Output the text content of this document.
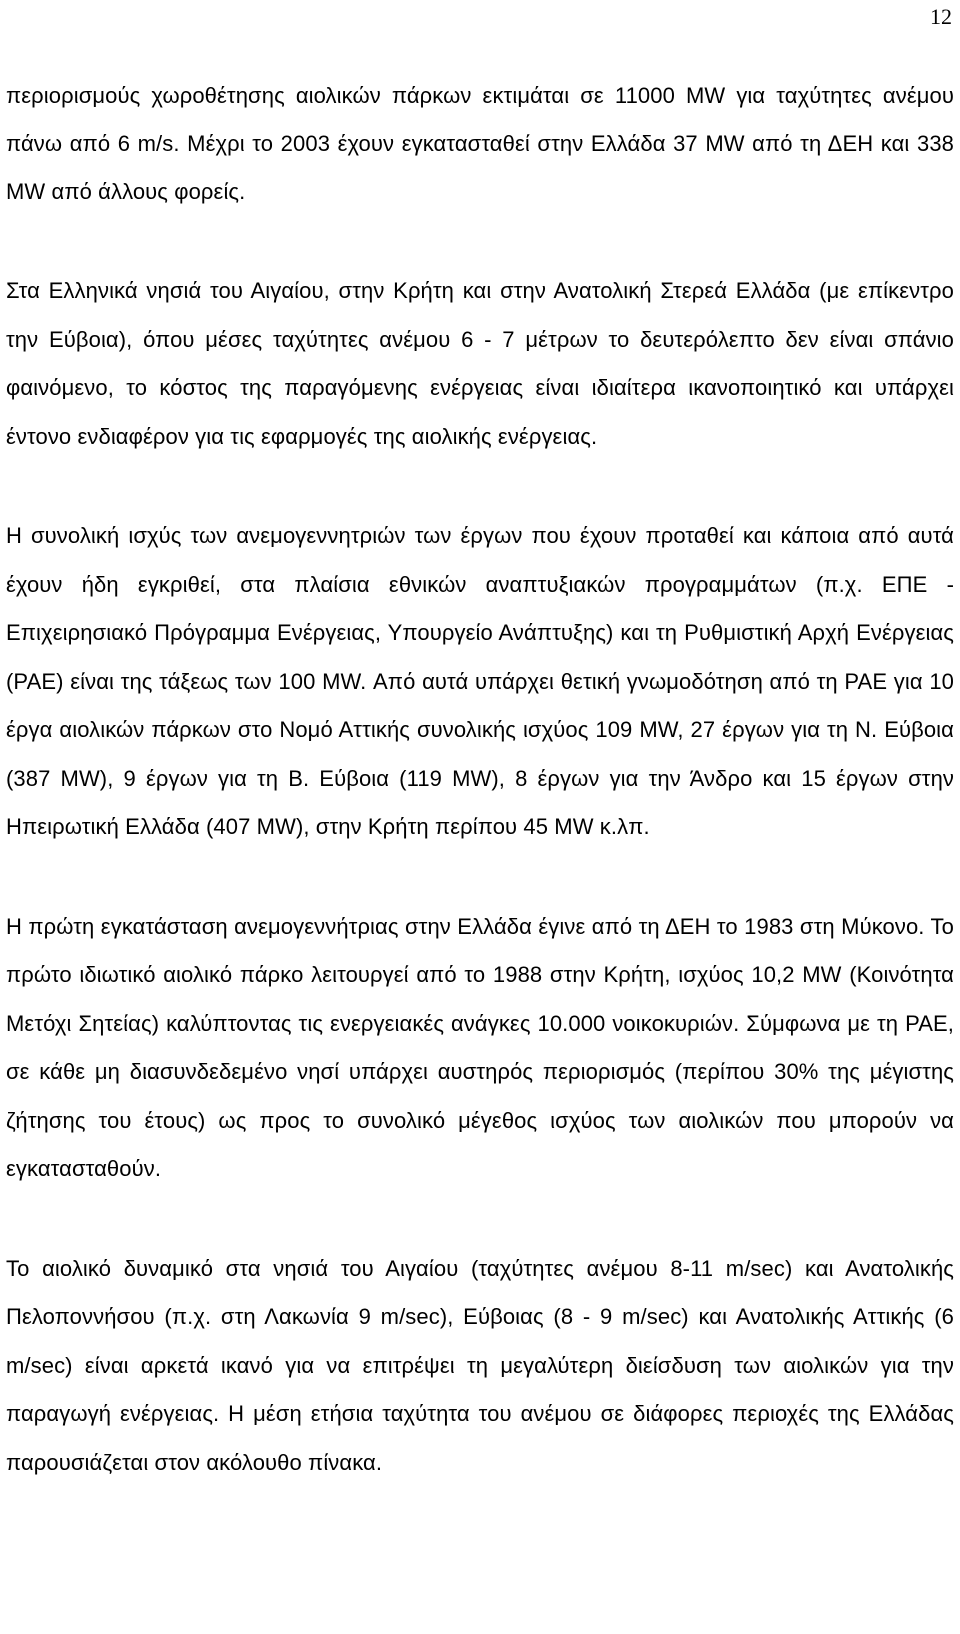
12

περιορισμούς χωροθέτησης αιολικών πάρκων εκτιμάται σε 11000 MW για ταχύτητες ανέμου πάνω από 6 m/s. Μέχρι το 2003 έχουν εγκατασταθεί στην Ελλάδα 37 MW από τη ΔΕΗ και 338 MW από άλλους φορείς.

Στα Ελληνικά νησιά του Αιγαίου, στην Κρήτη και στην Ανατολική Στερεά Ελλάδα (με επίκεντρο την Εύβοια), όπου μέσες ταχύτητες ανέμου 6 - 7 μέτρων το δευτερόλεπτο δεν είναι σπάνιο φαινόμενο, το κόστος της παραγόμενης ενέργειας είναι ιδιαίτερα ικανοποιητικό και υπάρχει έντονο ενδιαφέρον για τις εφαρμογές της αιολικής ενέργειας.

Η συνολική ισχύς των ανεμογεννητριών των έργων που έχουν προταθεί και κάποια από αυτά έχουν ήδη εγκριθεί, στα πλαίσια εθνικών αναπτυξιακών προγραμμάτων (π.χ. ΕΠΕ - Επιχειρησιακό Πρόγραμμα Ενέργειας, Υπουργείο Ανάπτυξης) και τη Ρυθμιστική Αρχή Ενέργειας (ΡΑΕ) είναι της τάξεως των 100 MW. Από αυτά υπάρχει θετική γνωμοδότηση από τη ΡΑΕ για 10 έργα αιολικών πάρκων στο Νομό Αττικής συνολικής ισχύος 109 MW, 27 έργων για τη Ν. Εύβοια (387 MW), 9 έργων για τη Β. Εύβοια (119 MW), 8 έργων για την Άνδρο και 15 έργων στην Ηπειρωτική Ελλάδα (407 MW), στην Κρήτη περίπου 45 MW κ.λπ.

Η πρώτη εγκατάσταση ανεμογεννήτριας στην Ελλάδα έγινε από τη ΔΕΗ το 1983 στη Μύκονο. Το πρώτο ιδιωτικό αιολικό πάρκο λειτουργεί από το 1988 στην Κρήτη, ισχύος 10,2 MW (Κοινότητα Μετόχι Σητείας) καλύπτοντας τις ενεργειακές ανάγκες 10.000 νοικοκυριών. Σύμφωνα με τη ΡΑΕ, σε κάθε μη διασυνδεδεμένο νησί υπάρχει αυστηρός περιορισμός (περίπου 30% της μέγιστης ζήτησης του έτους) ως προς το συνολικό μέγεθος ισχύος των αιολικών που μπορούν να εγκατασταθούν.

Το αιολικό δυναμικό στα νησιά του Αιγαίου (ταχύτητες ανέμου 8-11 m/sec) και Ανατολικής Πελοποννήσου (π.χ. στη Λακωνία 9 m/sec), Εύβοιας (8 - 9 m/sec) και Ανατολικής Αττικής (6 m/sec) είναι αρκετά ικανό για να επιτρέψει τη μεγαλύτερη διείσδυση των αιολικών για την παραγωγή ενέργειας. Η μέση ετήσια ταχύτητα του ανέμου σε διάφορες περιοχές της Ελλάδας παρουσιάζεται στον ακόλουθο πίνακα.
